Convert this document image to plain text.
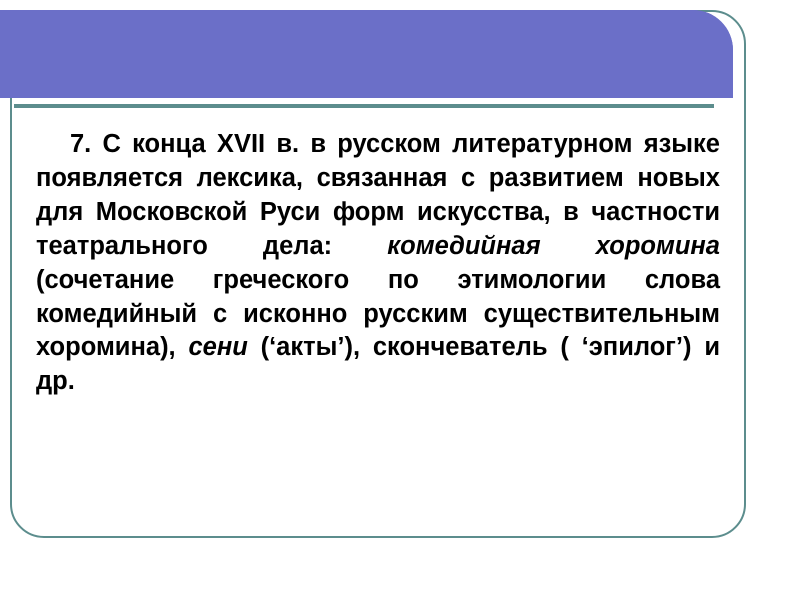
7. С конца XVII в. в русском литературном языке появляется лексика, связанная с развитием новых для Московской Руси форм искусства, в частности театрального дела: комедийная хоромина (сочетание греческого по этимологии слова комедийный с исконно русским существительным хоромина), сени (‘акты’), скончеватель ( ‘эпилог’) и др.
